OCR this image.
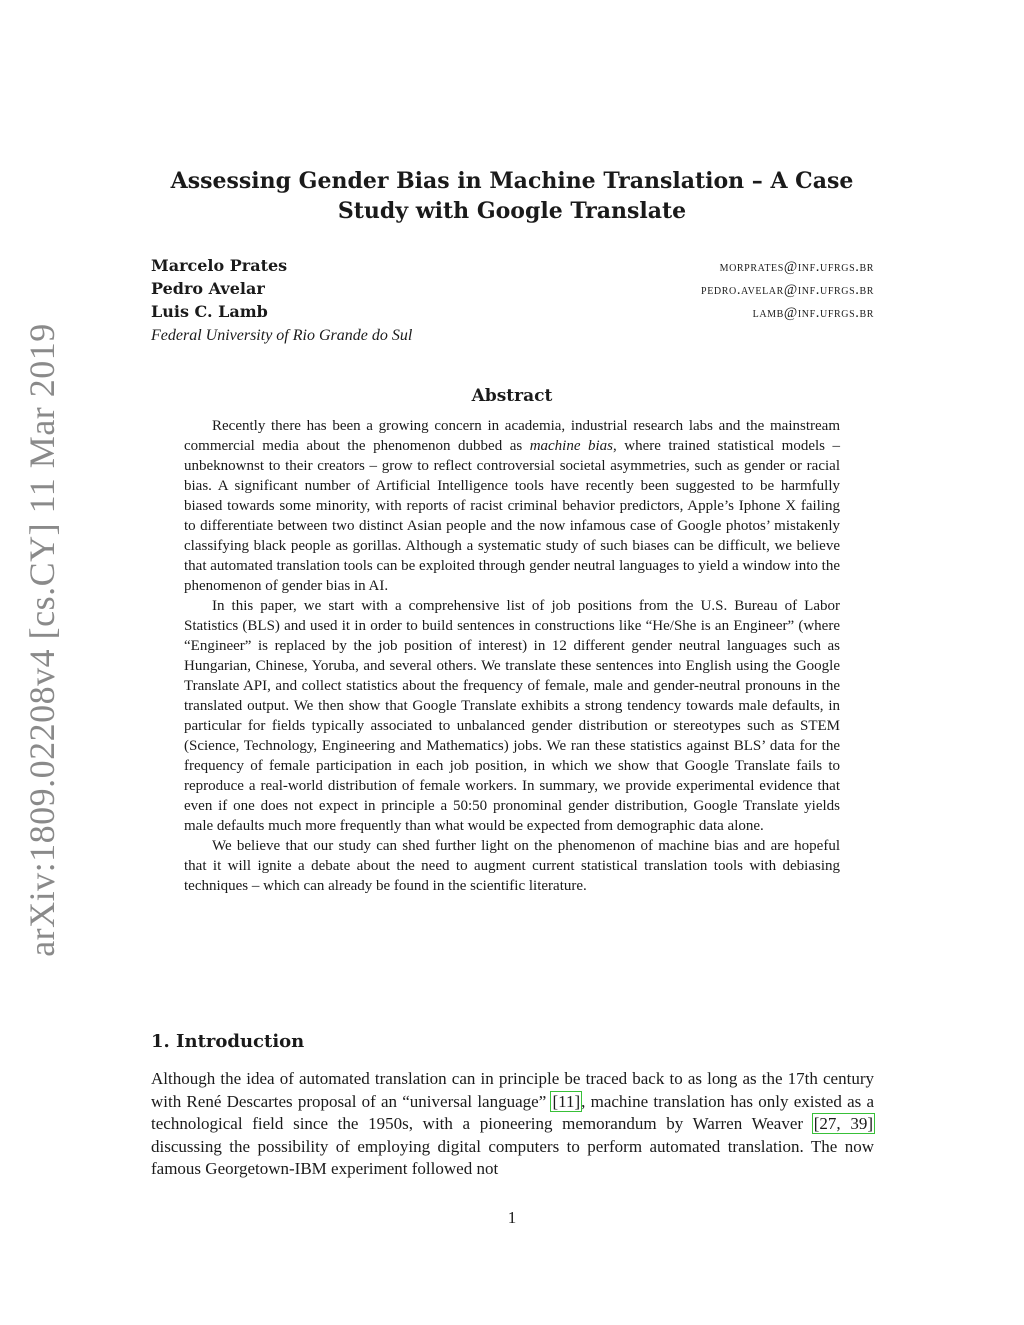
arXiv:1809.02208v4 [cs.CY] 11 Mar 2019
Assessing Gender Bias in Machine Translation – A Case Study with Google Translate
Marcelo Prates	morprates@inf.ufrgs.br
Pedro Avelar	pedro.avelar@inf.ufrgs.br
Luis C. Lamb	lamb@inf.ufrgs.br
Federal University of Rio Grande do Sul
Abstract

Recently there has been a growing concern in academia, industrial research labs and the mainstream commercial media about the phenomenon dubbed as machine bias, where trained statistical models – unbeknownst to their creators – grow to reflect controversial societal asymmetries, such as gender or racial bias. A significant number of Artificial Intelligence tools have recently been suggested to be harmfully biased towards some minority, with reports of racist criminal behavior predictors, Apple’s Iphone X failing to differentiate between two distinct Asian people and the now infamous case of Google photos’ mistakenly classifying black people as gorillas. Although a systematic study of such biases can be difficult, we believe that automated translation tools can be exploited through gender neutral languages to yield a window into the phenomenon of gender bias in AI.

In this paper, we start with a comprehensive list of job positions from the U.S. Bureau of Labor Statistics (BLS) and used it in order to build sentences in constructions like “He/She is an Engineer” (where “Engineer” is replaced by the job position of interest) in 12 different gender neutral languages such as Hungarian, Chinese, Yoruba, and several others. We translate these sentences into English using the Google Translate API, and collect statistics about the frequency of female, male and gender-neutral pronouns in the translated output. We then show that Google Translate exhibits a strong tendency towards male defaults, in particular for fields typically associated to unbalanced gender distribution or stereotypes such as STEM (Science, Technology, Engineering and Mathematics) jobs. We ran these statistics against BLS’ data for the frequency of female participation in each job position, in which we show that Google Translate fails to reproduce a real-world distribution of female workers. In summary, we provide experimental evidence that even if one does not expect in principle a 50:50 pronominal gender distribution, Google Translate yields male defaults much more frequently than what would be expected from demographic data alone.

We believe that our study can shed further light on the phenomenon of machine bias and are hopeful that it will ignite a debate about the need to augment current statistical translation tools with debiasing techniques – which can already be found in the scientific literature.

1. Introduction

Although the idea of automated translation can in principle be traced back to as long as the 17th century with René Descartes proposal of an “universal language” [11], machine translation has only existed as a technological field since the 1950s, with a pioneering memorandum by Warren Weaver [27, 39] discussing the possibility of employing digital computers to perform automated translation. The now famous Georgetown-IBM experiment followed not

1
